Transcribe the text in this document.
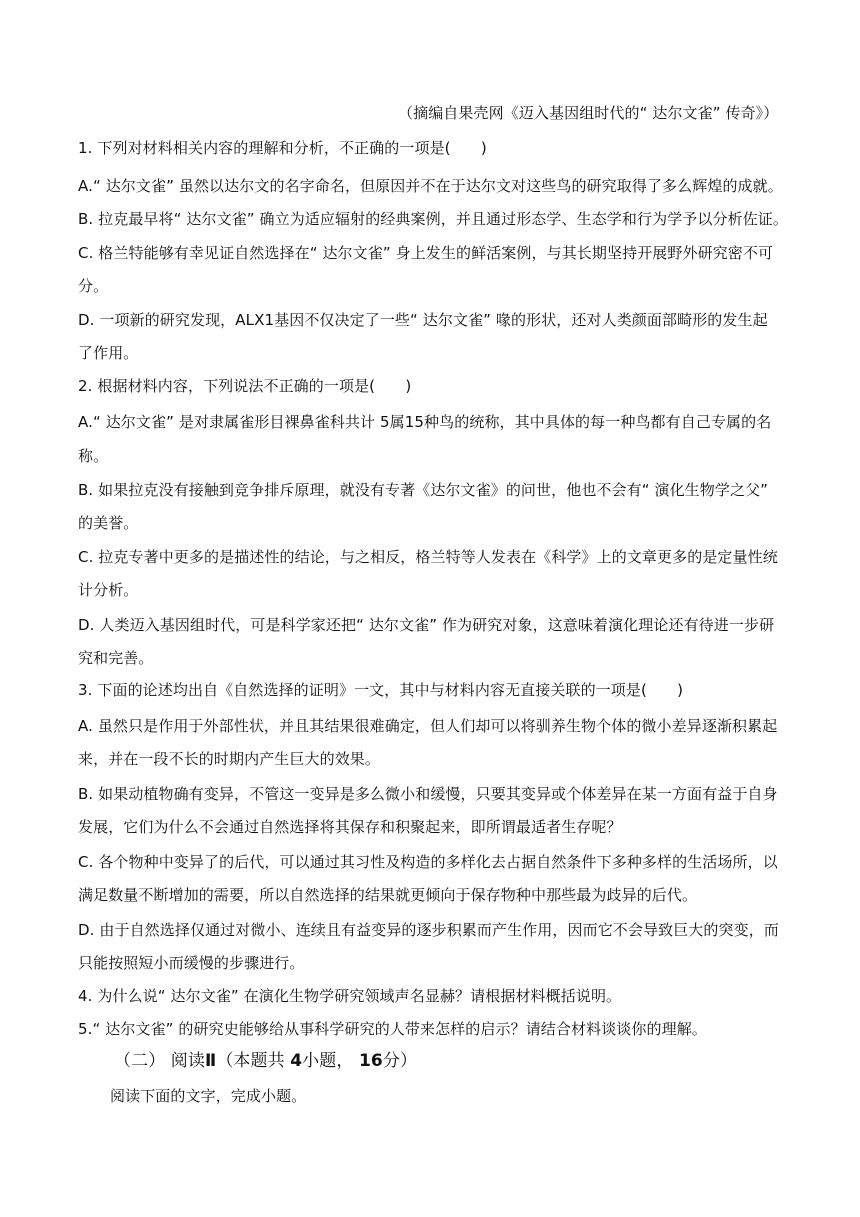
（摘编自果壳网《迈入基因组时代的“ 达尔文雀” 传奇》）
1. 下列对材料相关内容的理解和分析，不正确的一项是(　　)
A.“ 达尔文雀” 虽然以达尔文的名字命名，但原因并不在于达尔文对这些鸟的研究取得了多么辉煌的成就。
B. 拉克最早将“ 达尔文雀” 确立为适应辐射的经典案例，并且通过形态学、生态学和行为学予以分析佐证。
C. 格兰特能够有幸见证自然选择在“ 达尔文雀” 身上发生的鲜活案例，与其长期坚持开展野外研究密不可
分。
D. 一项新的研究发现，ALX1基因不仅决定了一些“ 达尔文雀” 喙的形状，还对人类颜面部畸形的发生起
了作用。
2. 根据材料内容，下列说法不正确的一项是(　　)
A.“ 达尔文雀” 是对隶属雀形目裸鼻雀科共计 5属15种鸟的统称，其中具体的每一种鸟都有自己专属的名
称。
B. 如果拉克没有接触到竞争排斥原理，就没有专著《达尔文雀》的问世，他也不会有“ 演化生物学之父”
的美誉。
C. 拉克专著中更多的是描述性的结论，与之相反，格兰特等人发表在《科学》上的文章更多的是定量性统
计分析。
D. 人类迈入基因组时代，可是科学家还把“ 达尔文雀” 作为研究对象，这意味着演化理论还有待进一步研
究和完善。
3. 下面的论述均出自《自然选择的证明》一文，其中与材料内容无直接关联的一项是(　　)
A. 虽然只是作用于外部性状，并且其结果很难确定，但人们却可以将驯养生物个体的微小差异逐渐积累起
来，并在一段不长的时期内产生巨大的效果。
B. 如果动植物确有变异，不管这一变异是多么微小和缓慢，只要其变异或个体差异在某一方面有益于自身
发展，它们为什么不会通过自然选择将其保存和积聚起来，即所谓最适者生存呢？
C. 各个物种中变异了的后代，可以通过其习性及构造的多样化去占据自然条件下多种多样的生活场所，以
满足数量不断增加的需要，所以自然选择的结果就更倾向于保存物种中那些最为歧异的后代。
D. 由于自然选择仅通过对微小、连续且有益变异的逐步积累而产生作用，因而它不会导致巨大的突变，而
只能按照短小而缓慢的步骤进行。
4. 为什么说“ 达尔文雀” 在演化生物学研究领域声名显赫？请根据材料概括说明。
5.“ 达尔文雀” 的研究史能够给从事科学研究的人带来怎样的启示？请结合材料谈谈你的理解。
（二） 阅读Ⅱ（本题共 4小题， 16分）
阅读下面的文字，完成小题。
